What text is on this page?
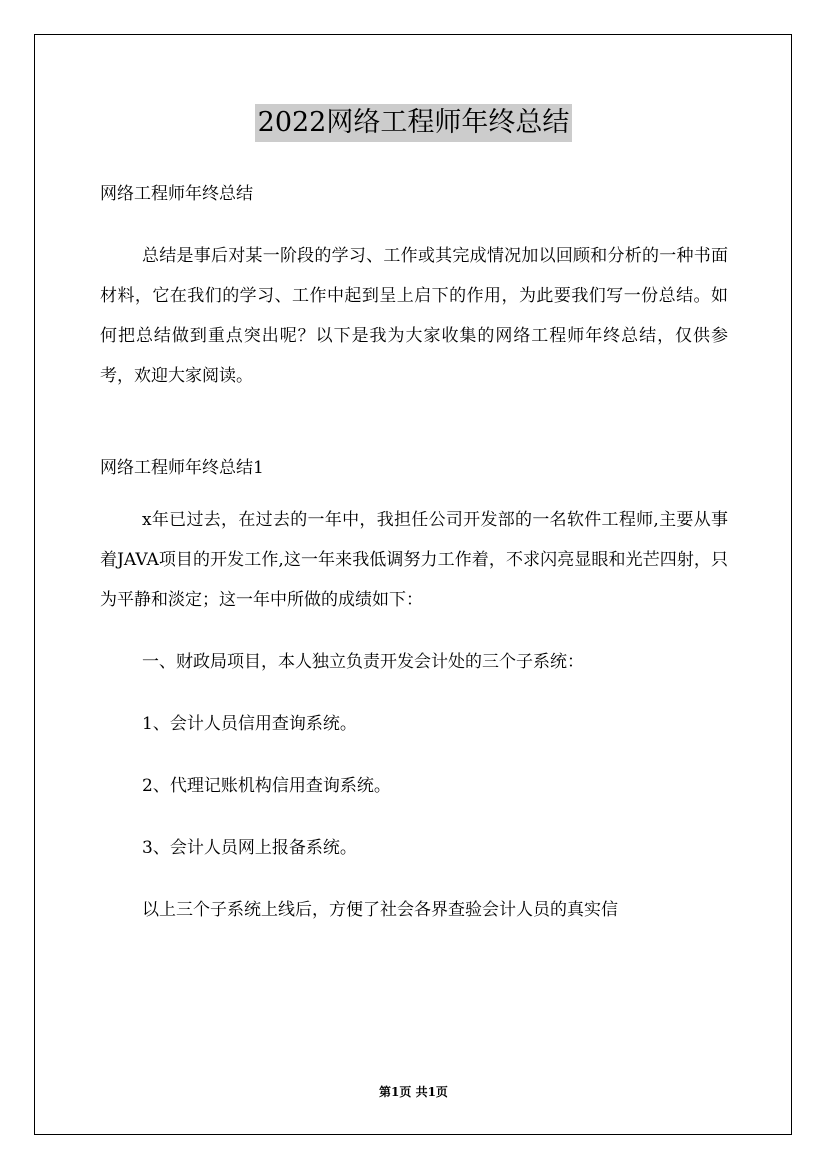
2022网络工程师年终总结

网络工程师年终总结

总结是事后对某一阶段的学习、工作或其完成情况加以回顾和分析的一种书面材料，它在我们的学习、工作中起到呈上启下的作用，为此要我们写一份总结。如何把总结做到重点突出呢？以下是我为大家收集的网络工程师年终总结，仅供参考，欢迎大家阅读。

网络工程师年终总结1

x年已过去，在过去的一年中，我担任公司开发部的一名软件工程师,主要从事着JAVA项目的开发工作,这一年来我低调努力工作着，不求闪亮显眼和光芒四射，只为平静和淡定；这一年中所做的成绩如下：

一、财政局项目，本人独立负责开发会计处的三个子系统：

1、会计人员信用查询系统。

2、代理记账机构信用查询系统。

3、会计人员网上报备系统。

以上三个子系统上线后，方便了社会各界查验会计人员的真实信

第1页 共1页
